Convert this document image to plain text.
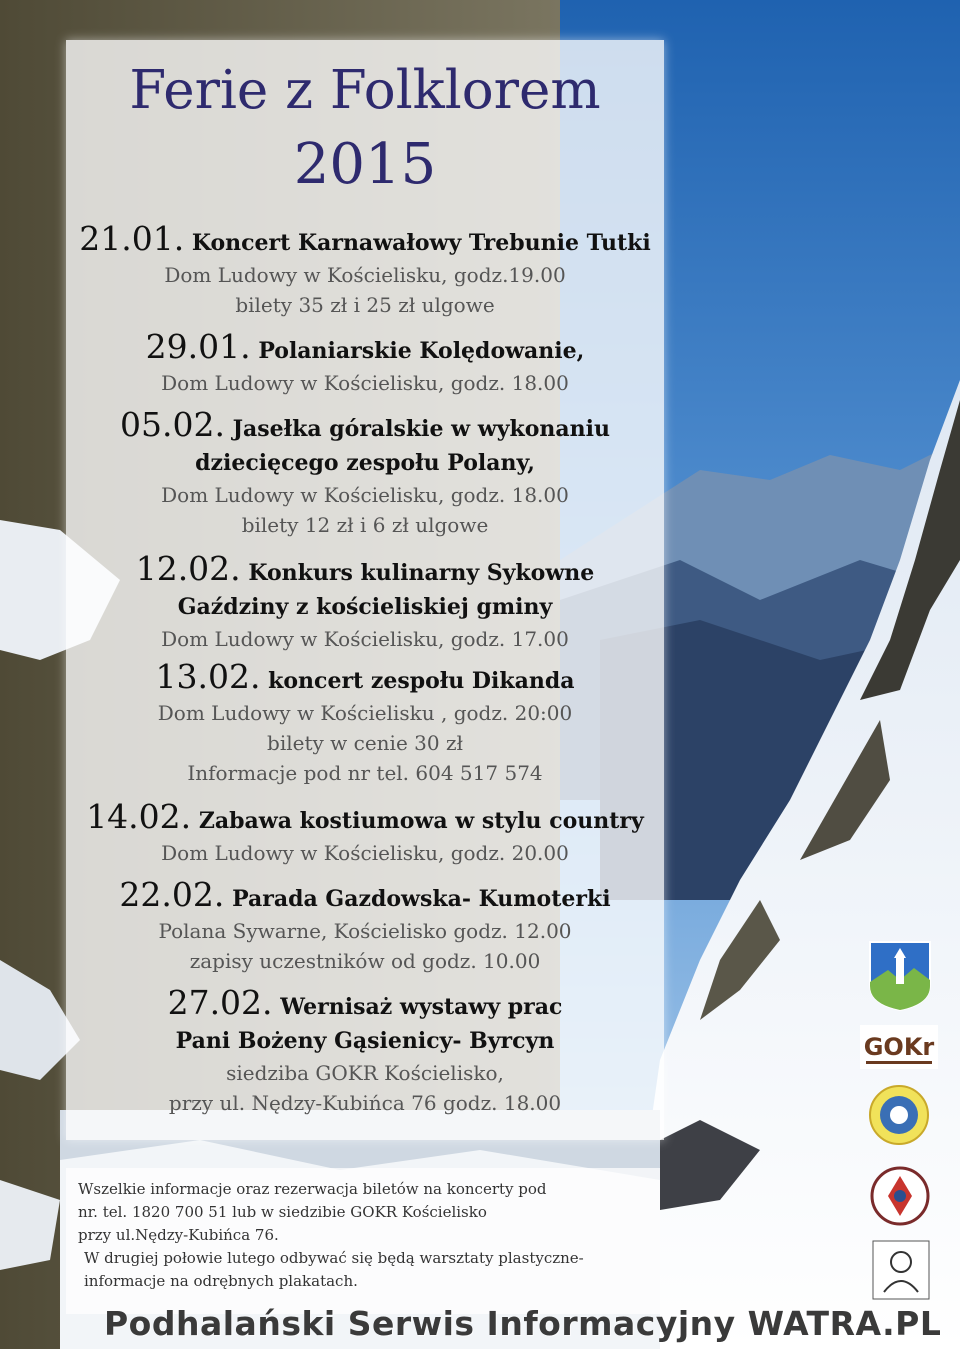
Ferie z Folklorem
2015
21.01. Koncert Karnawałowy Trebunie Tutki
Dom Ludowy w Kościelisku, godz.19.00
bilety 35 zł i 25 zł ulgowe
29.01. Polaniarskie Kolędowanie,
Dom Ludowy w Kościelisku, godz. 18.00
05.02. Jasełka góralskie w wykonaniu
dziecięcego zespołu Polany,
Dom Ludowy w Kościelisku, godz. 18.00
bilety 12 zł i 6 zł ulgowe
12.02. Konkurs kulinarny Sykowne
Gaździny z kościeliskiej gminy
Dom Ludowy w Kościelisku, godz. 17.00
13.02. koncert zespołu Dikanda
Dom Ludowy w Kościelisku , godz. 20:00
bilety w cenie 30 zł
Informacje pod nr tel. 604 517 574
14.02. Zabawa kostiumowa w stylu country
Dom Ludowy w Kościelisku, godz. 20.00
22.02. Parada Gazdowska- Kumoterki
Polana Sywarne, Kościelisko godz. 12.00
zapisy uczestników od godz. 10.00
27.02. Wernisaż wystawy prac
Pani Bożeny Gąsienicy- Byrcyn
siedziba GOKR Kościelisko,
przy ul. Nędzy-Kubińca 76 godz. 18.00

Wszelkie informacje oraz rezerwacja biletów na koncerty pod

nr. tel. 1820 700 51 lub w siedzibie GOKR Kościelisko

przy ul.Nędzy-Kubińca 76.

W drugiej połowie lutego odbywać się będą warsztaty plastyczne-

informacje na odrębnych plakatach.

GOKr
Podhalański Serwis Informacyjny WATRA.PL
